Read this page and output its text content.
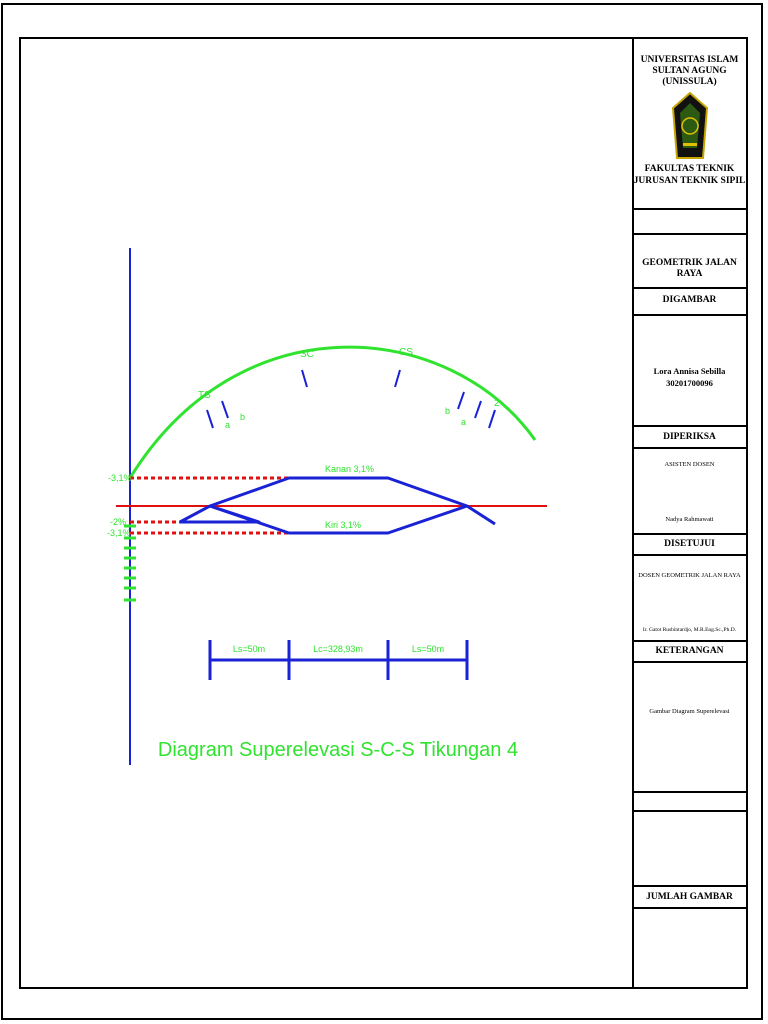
TS
SC	CS
2
a
b	a
b
-3,1%
-2%
-3,1%
Kanan 3,1%
Kiri 3,1%
Ls=50m	Lc=328,93m	Ls=50m
Diagram Superelevasi S-C-S Tikungan 4
UNIVERSITAS ISLAM SULTAN AGUNG (UNISSULA)
FAKULTAS TEKNIK
JURUSAN TEKNIK SIPIL
GEOMETRIK JALAN RAYA
DIGAMBAR
Lora Annisa Sebilla
30201700096
DIPERIKSA
ASISTEN DOSEN
Nadya Rahmawati
DISETUJUI
DOSEN GEOMETRIK JALAN RAYA
Ir. Gatot Rusbintardjo, M.R.Eng.Sc.,Ph.D.
KETERANGAN
Gambar Diagram Superelevasi
JUMLAH GAMBAR
